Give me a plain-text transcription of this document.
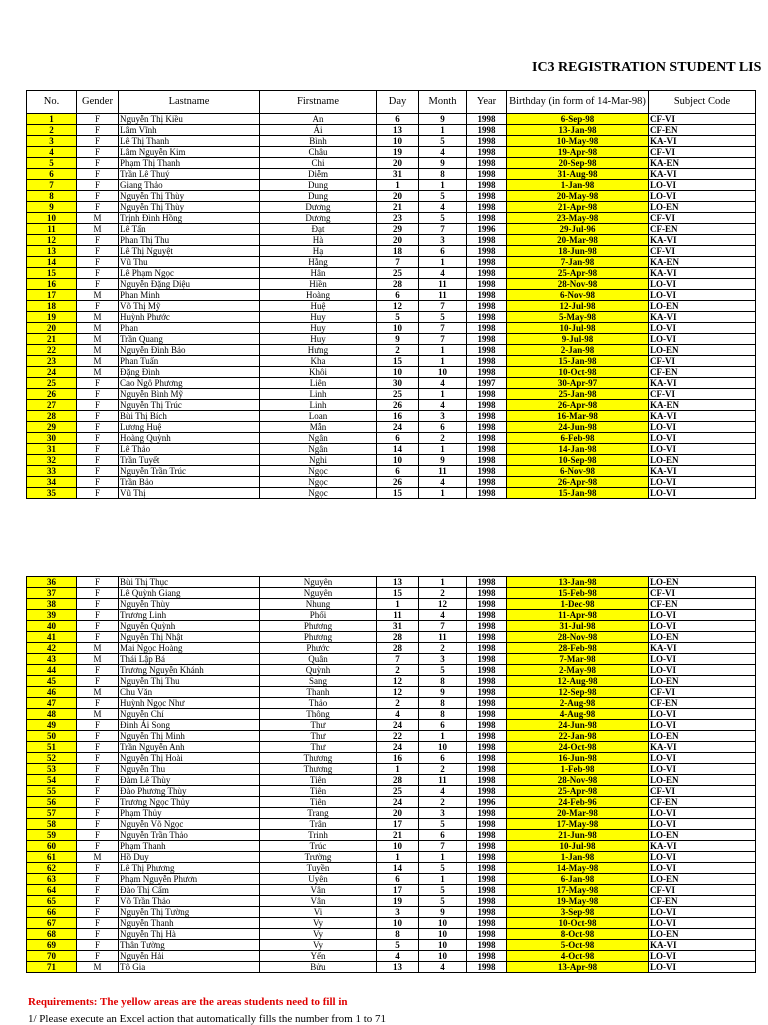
IC3 REGISTRATION STUDENT LIS
No.	Gender	Lastname	Firstname	Day	Month	Year	Birthday (in form of 14-Mar-98)	Subject Code
1	F	Nguyễn Thị Kiều	An	6	9	1998	6-Sep-98	CF-VI
2	F	Lâm Vĩnh	Ái	13	1	1998	13-Jan-98	CF-EN
3	F	Lê Thị Thanh	Bình	10	5	1998	10-May-98	KA-VI
4	F	Lâm Nguyễn Kim	Châu	19	4	1998	19-Apr-98	CF-VI
5	F	Phạm Thị Thanh	Chi	20	9	1998	20-Sep-98	KA-EN
6	F	Trần Lê Thuý	Diễm	31	8	1998	31-Aug-98	KA-VI
7	F	Giang Thảo	Dung	1	1	1998	1-Jan-98	LO-VI
8	F	Nguyễn Thị Thùy	Dung	20	5	1998	20-May-98	LO-VI
9	F	Nguyễn Thị Thùy	Dương	21	4	1998	21-Apr-98	LO-EN
10	M	Trịnh Đình Hồng	Dương	23	5	1998	23-May-98	CF-VI
11	M	Lê Tấn	Đạt	29	7	1996	29-Jul-96	CF-EN
12	F	Phan Thị Thu	Hà	20	3	1998	20-Mar-98	KA-VI
13	F	Lê Thị Nguyệt	Hạ	18	6	1998	18-Jun-98	CF-VI
14	F	Vũ Thu	Hằng	7	1	1998	7-Jan-98	KA-EN
15	F	Lê Phạm Ngọc	Hân	25	4	1998	25-Apr-98	KA-VI
16	F	Nguyễn Đặng Diệu	Hiền	28	11	1998	28-Nov-98	LO-VI
17	M	Phan Minh	Hoàng	6	11	1998	6-Nov-98	LO-VI
18	F	Võ Thị Mỹ	Huệ	12	7	1998	12-Jul-98	LO-EN
19	M	Huỳnh Phước	Huy	5	5	1998	5-May-98	KA-VI
20	M	Phan	Huy	10	7	1998	10-Jul-98	LO-VI
21	M	Trần Quang	Huy	9	7	1998	9-Jul-98	LO-VI
22	M	Nguyễn Đình Bảo	Hưng	2	1	1998	2-Jan-98	LO-EN
23	M	Phan Tuấn	Kha	15	1	1998	15-Jan-98	CF-VI
24	M	Đặng Đình	Khôi	10	10	1998	10-Oct-98	CF-EN
25	F	Cao Ngô Phương	Liên	30	4	1997	30-Apr-97	KA-VI
26	F	Nguyễn Bình Mỹ	Linh	25	1	1998	25-Jan-98	CF-VI
27	F	Nguyễn Thị Trúc	Linh	26	4	1998	26-Apr-98	KA-EN
28	F	Bùi Thị Bích	Loan	16	3	1998	16-Mar-98	KA-VI
29	F	Lương Huệ	Mẫn	24	6	1998	24-Jun-98	LO-VI
30	F	Hoàng Quỳnh	Ngân	6	2	1998	6-Feb-98	LO-VI
31	F	Lê Thảo	Ngân	14	1	1998	14-Jan-98	LO-VI
32	F	Trần Tuyết	Nghi	10	9	1998	10-Sep-98	LO-EN
33	F	Nguyễn Trần Trúc	Ngọc	6	11	1998	6-Nov-98	KA-VI
34	F	Trần Bảo	Ngọc	26	4	1998	26-Apr-98	LO-VI
35	F	Vũ Thị	Ngọc	15	1	1998	15-Jan-98	LO-VI
36	F	Bùi Thị Thục	Nguyên	13	1	1998	13-Jan-98	LO-EN
37	F	Lê Quỳnh Giang	Nguyên	15	2	1998	15-Feb-98	CF-VI
38	F	Nguyễn Thùy	Nhung	1	12	1998	1-Dec-98	CF-EN
39	F	Trương Linh	Phối	11	4	1998	11-Apr-98	LO-VI
40	F	Nguyễn Quỳnh	Phương	31	7	1998	31-Jul-98	LO-VI
41	F	Nguyễn Thị Nhật	Phương	28	11	1998	28-Nov-98	LO-EN
42	M	Mai Ngọc Hoàng	Phước	28	2	1998	28-Feb-98	KA-VI
43	M	Thái Lập Bá	Quân	7	3	1998	7-Mar-98	LO-VI
44	F	Trương Nguyễn Khánh	Quỳnh	2	5	1998	2-May-98	LO-VI
45	F	Nguyễn Thị Thu	Sang	12	8	1998	12-Aug-98	LO-EN
46	M	Chu Văn	Thanh	12	9	1998	12-Sep-98	CF-VI
47	F	Huỳnh Ngọc Như	Thảo	2	8	1998	2-Aug-98	CF-EN
48	M	Nguyễn Chí	Thông	4	8	1998	4-Aug-98	LO-VI
49	F	Đinh Ái Song	Thư	24	6	1998	24-Jun-98	LO-VI
50	F	Nguyễn Thị Minh	Thư	22	1	1998	22-Jan-98	LO-EN
51	F	Trần Nguyễn Anh	Thư	24	10	1998	24-Oct-98	KA-VI
52	F	Nguyễn Thị Hoài	Thương	16	6	1998	16-Jun-98	LO-VI
53	F	Nguyễn Thu	Thương	1	2	1998	1-Feb-98	LO-VI
54	F	Đàm Lê Thùy	Tiên	28	11	1998	28-Nov-98	LO-EN
55	F	Đào Phương Thùy	Tiên	25	4	1998	25-Apr-98	CF-VI
56	F	Trương Ngọc Thủy	Tiên	24	2	1996	24-Feb-96	CF-EN
57	F	Phạm Thủy	Trang	20	3	1998	20-Mar-98	LO-VI
58	F	Nguyễn Võ Ngọc	Trân	17	5	1998	17-May-98	LO-VI
59	F	Nguyễn Trần Thảo	Trinh	21	6	1998	21-Jun-98	LO-EN
60	F	Phạm Thanh	Trúc	10	7	1998	10-Jul-98	KA-VI
61	M	Hồ Duy	Trường	1	1	1998	1-Jan-98	LO-VI
62	F	Lê Thị Phương	Tuyền	14	5	1998	14-May-98	LO-VI
63	F	Phạm Nguyễn Phươn	Uyên	6	1	1998	6-Jan-98	LO-EN
64	F	Đào Thị Cẩm	Vân	17	5	1998	17-May-98	CF-VI
65	F	Võ Trần Thảo	Vân	19	5	1998	19-May-98	CF-EN
66	F	Nguyễn Thị Tường	Vi	3	9	1998	3-Sep-98	LO-VI
67	F	Nguyễn Thanh	Vy	10	10	1998	10-Oct-98	LO-VI
68	F	Nguyễn Thị Hà	Vy	8	10	1998	8-Oct-98	LO-EN
69	F	Thân Tường	Vy	5	10	1998	5-Oct-98	KA-VI
70	F	Nguyễn Hải	Yến	4	10	1998	4-Oct-98	LO-VI
71	M	Tô Gia	Bửu	13	4	1998	13-Apr-98	LO-VI
Requirements: The yellow areas are the areas students need to fill in
1/ Please execute an Excel action that automatically fills the number from 1 to 71
